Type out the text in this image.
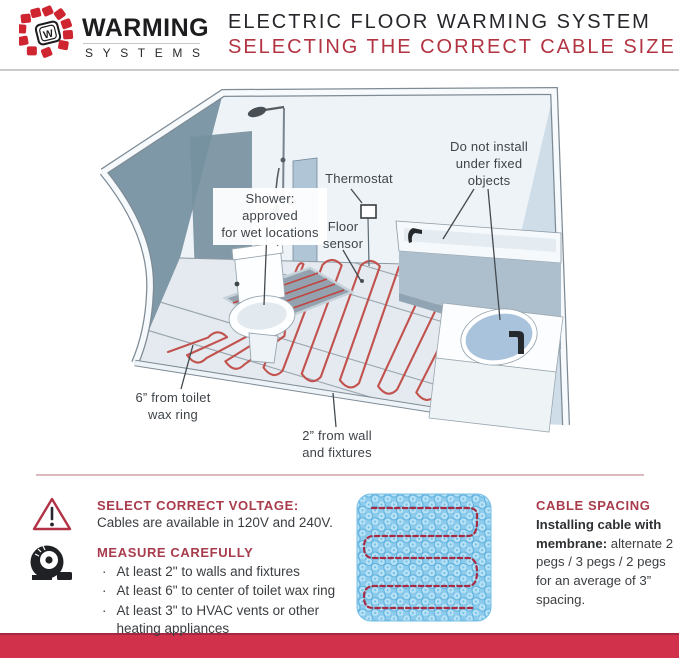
W WARMING
SYSTEMS
ELECTRIC FLOOR WARMING SYSTEM
SELECTING THE CORRECT CABLE SIZE
Shower: approved
for wet locations
Thermostat
Floor
sensor
Do not install
under fixed
objects
6” from toilet
wax ring
2” from wall
and fixtures
SELECT CORRECT VOLTAGE:
Cables are available in 120V and 240V.
MEASURE CAREFULLY
· At least 2" to walls and fixtures
· At least 6" to center of toilet wax ring
· At least 3" to HVAC vents or other heating appliances
CABLE SPACING
Installing cable with membrane: alternate 2 pegs / 3 pegs / 2 pegs for an average of 3” spacing.
